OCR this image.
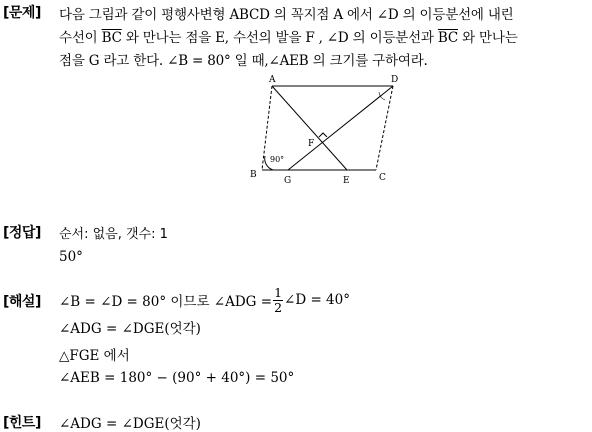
[문제] 다음 그림과 같이 평행사변형 ABCD 의 꼭지점 A 에서 ∠D 의 이등분선에 내린
수선이 $\overline{BC}$ 와 만나는 점을 E, 수선의 발을 F , ∠D 의 이등분선과 $\overline{BC}$ 와 만나는
점을 G 라고 한다. ∠B = 80° 일 때,∠AEB 의 크기를 구하여라.
A	D
B	C
G	E
F
90°
[정답] 순서: 없음, 갯수: 1
50°
[해설] ∠B = ∠D = 80° 이므로 ∠ADG = $\frac{1}{2}$ ∠D = 40°
∠ADG = ∠DGE(엇각)
△FGE 에서
∠AEB = 180° − (90° + 40°) = 50°
[힌트] ∠ADG = ∠DGE(엇각)
